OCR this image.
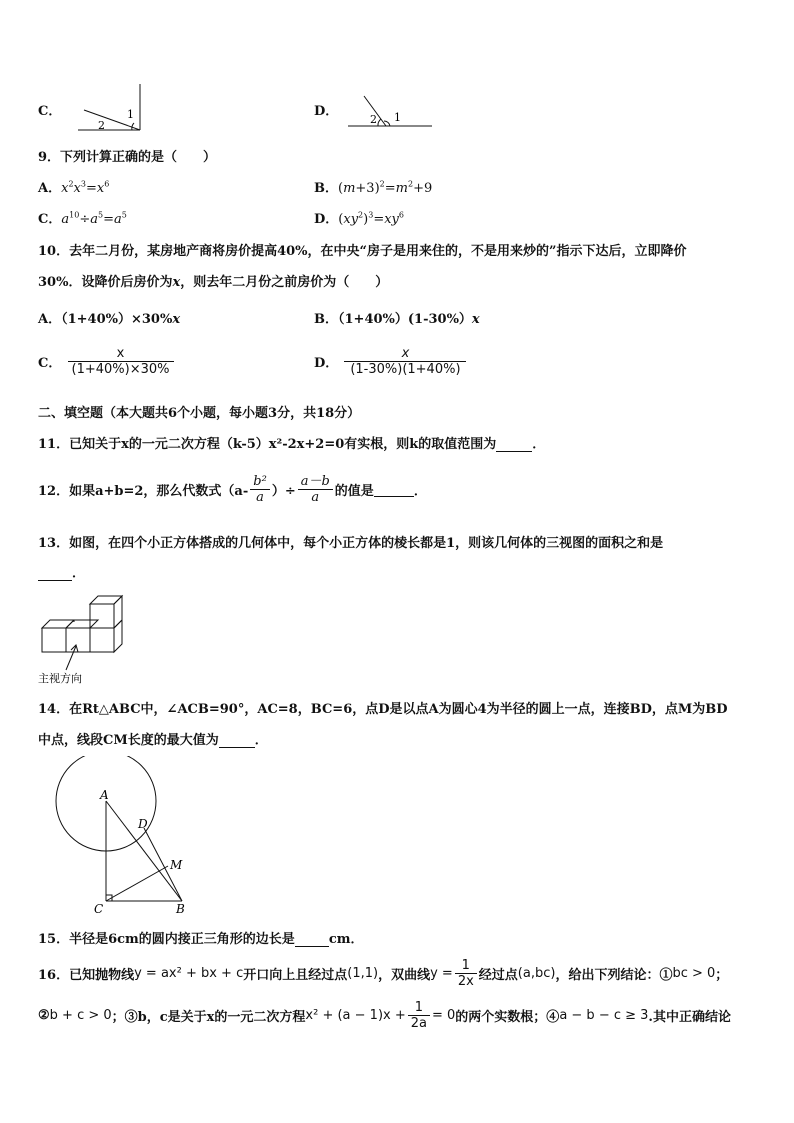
C．	1
2
D．
2 1
9．下列计算正确的是（　　）
A．$x^2x^3=x^6$	B．$(m+3)^2=m^2+9$
C．$a^{10}\div a^5=a^5$	D．$(xy^2)^3=xy^6$
10．去年二月份，某房地产商将房价提高40%，在中央“房子是用来住的，不是用来炒的”指示下达后，立即降价
30%．设降价后房价为x，则去年二月份之前房价为（　　）
A．（1+40%）×30%x	B．（1+40%）(1-30%）x
C． $\frac{x}{(1+40\%)\times 30\%}$	D． $\frac{x}{(1-30\%)(1+40\%)}$
二、填空题（本大题共6个小题，每小题3分，共18分）
11．已知关于x的一元二次方程（k-5）x²-2x+2=0有实根，则k的取值范围为	．
12．如果a+b=2，那么代数式（$a- \frac{\text{b²}}{a}$ ）÷ $\frac{a-b}{a}$ 的值是	．
13．如图，在四个小正方体搭成的几何体中，每个小正方体的棱长都是1，则该几何体的三视图的面积之和是
．
主视方向
14．在Rt△ABC中，∠ACB=90°，AC=8，BC=6，点D是以点A为圆心4为半径的圆上一点，连接BD，点M为BD
中点，线段CM长度的最大值为	．
A
D
M
C	B
15．半径是6cm的圆内接正三角形的边长是	cm．
16．已知抛物线y = ax² + bx + c开口向上且经过点(1,1)，双曲线$y = \frac{1}{2x}$ 经过点(a,bc)，给出下列结论：①bc > 0；
②b + c > 0；③b，c是关于x的一元二次方程$x^2 + (a - 1)x + \frac{1}{2a} = 0$的两个实数根；④a − b − c ≥ 3.其中正确结论
